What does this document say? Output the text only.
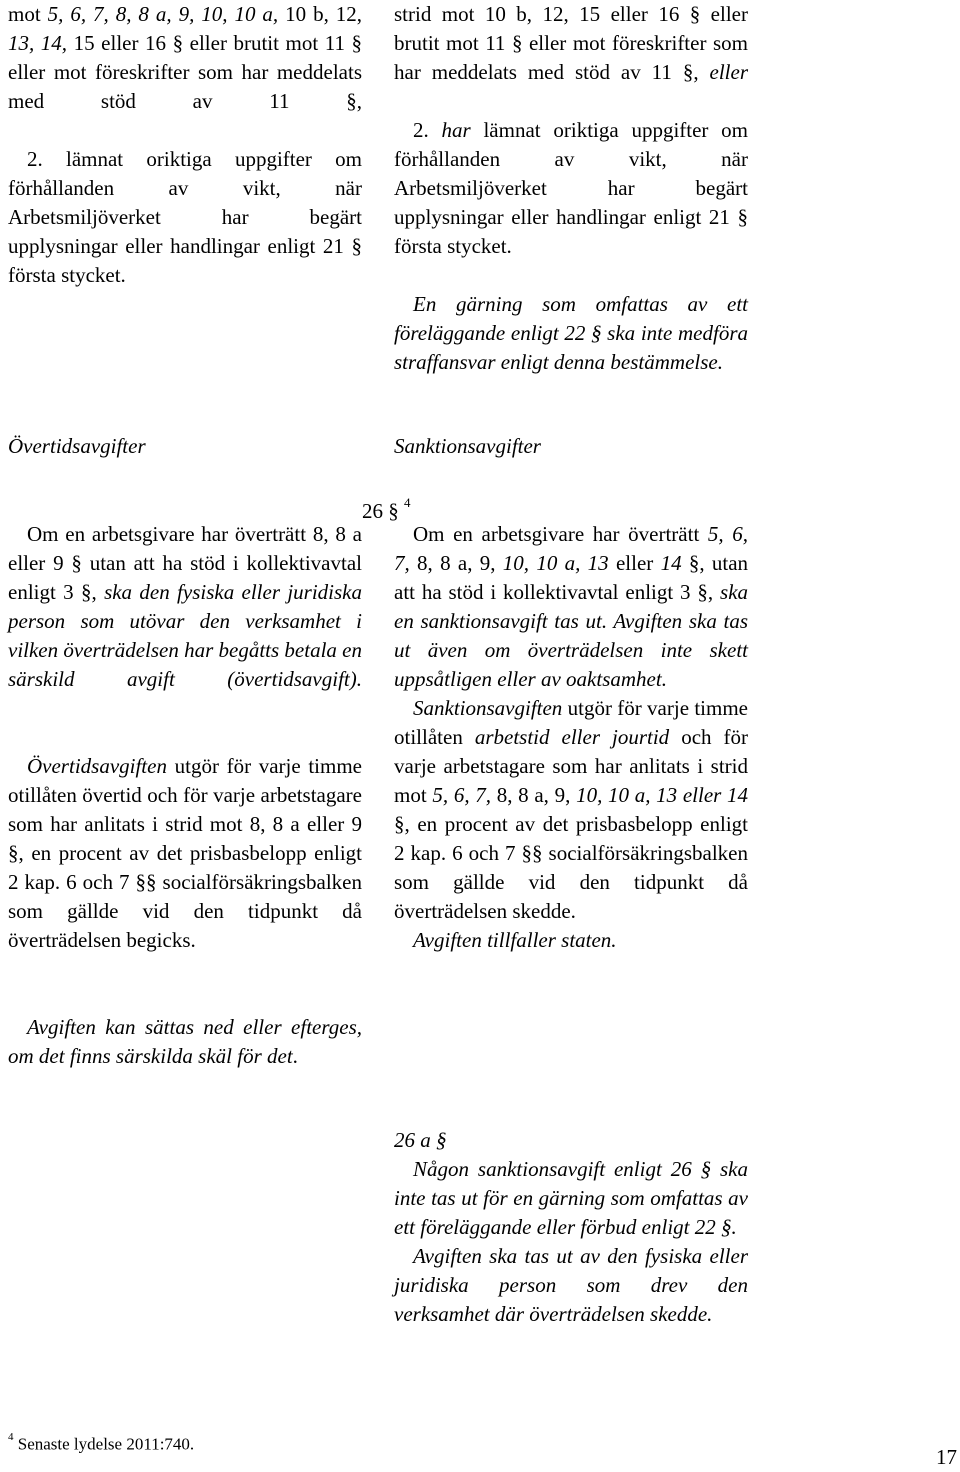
mot 5, 6, 7, 8, 8 a, 9, 10, 10 a, 10 b, 12, 13, 14, 15 eller 16 § eller brutit mot 11 § eller mot föreskrifter som har meddelats med stöd av 11 §,

2. lämnat oriktiga uppgifter om förhållanden av vikt, när Arbetsmiljöverket har begärt upplysningar eller handlingar enligt 21 § första stycket.

strid mot 10 b, 12, 15 eller 16 § eller brutit mot 11 § eller mot föreskrifter som har meddelats med stöd av 11 §, eller

2. har lämnat oriktiga uppgifter om förhållanden av vikt, när Arbetsmiljöverket har begärt upplysningar eller handlingar enligt 21 § första stycket.

En gärning som omfattas av ett föreläggande enligt 22 § ska inte medföra straffansvar enligt denna bestämmelse.

Övertidsavgifter	Sanktionsavgifter
26 § $^4$

Om en arbetsgivare har överträtt 8, 8 a eller 9 § utan att ha stöd i kollektivavtal enligt 3 §, ska den fysiska eller juridiska person som utövar den verksamhet i vilken överträdelsen har begåtts betala en särskild avgift (övertidsavgift).

Övertidsavgiften utgör för varje timme otillåten övertid och för varje arbetstagare som har anlitats i strid mot 8, 8 a eller 9 §, en procent av det prisbasbelopp enligt 2 kap. 6 och 7 §§ socialförsäkringsbalken som gällde vid den tidpunkt då överträdelsen begicks.

Avgiften kan sättas ned eller efterges, om det finns särskilda skäl för det.

Om en arbetsgivare har överträtt 5, 6, 7, 8, 8 a, 9, 10, 10 a, 13 eller 14 §, utan att ha stöd i kollektivavtal enligt 3 §, ska en sanktionsavgift tas ut. Avgiften ska tas ut även om överträdelsen inte skett uppsåtligen eller av oaktsamhet.

Sanktionsavgiften utgör för varje timme otillåten arbetstid eller jourtid och för varje arbetstagare som har anlitats i strid mot 5, 6, 7, 8, 8 a, 9, 10, 10 a, 13 eller 14 §, en procent av det prisbasbelopp enligt 2 kap. 6 och 7 §§ socialförsäkringsbalken som gällde vid den tidpunkt då överträdelsen skedde.

Avgiften tillfaller staten.

26 a §

Någon sanktionsavgift enligt 26 § ska inte tas ut för en gärning som omfattas av ett föreläggande eller förbud enligt 22 §.

Avgiften ska tas ut av den fysiska eller juridiska person som drev den verksamhet där överträdelsen skedde.

$^4$ Senaste lydelse 2011:740.
17
